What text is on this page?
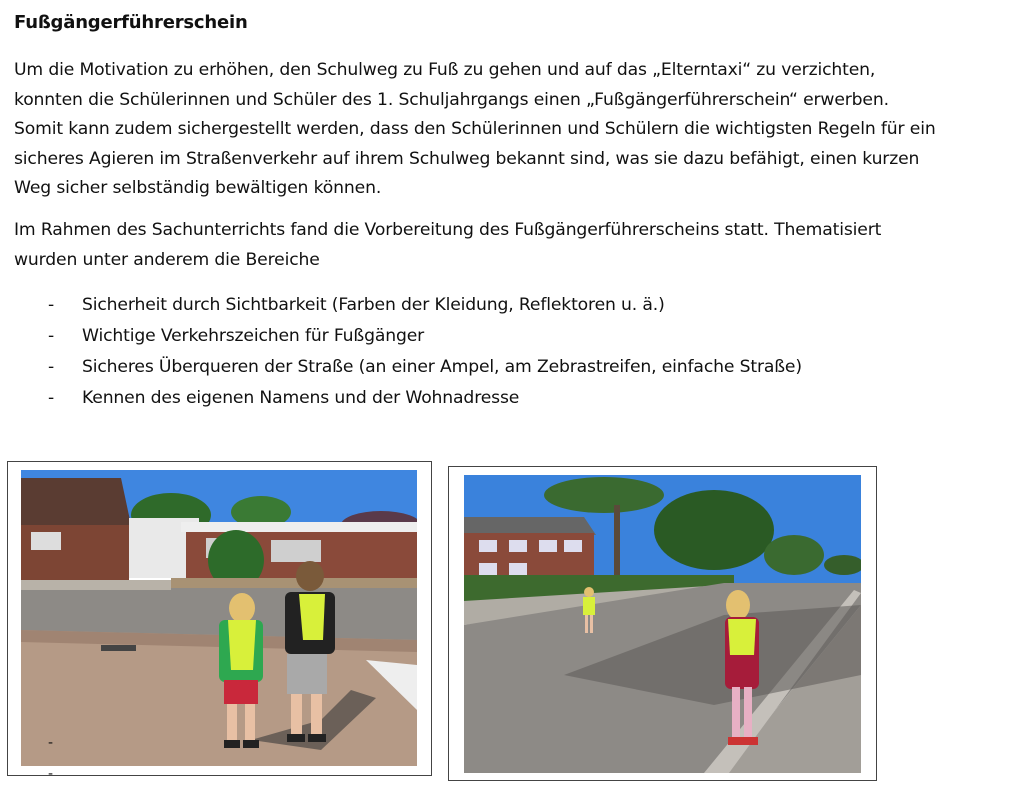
Fußgängerführerschein
Um die Motivation zu erhöhen, den Schulweg zu Fuß zu gehen und auf das „Elterntaxi“ zu verzichten,
konnten die Schülerinnen und Schüler des 1. Schuljahrgangs einen „Fußgängerführerschein“ erwerben.
Somit kann zudem sichergestellt werden, dass den Schülerinnen und Schülern die wichtigsten Regeln für ein
sicheres Agieren im Straßenverkehr auf ihrem Schulweg bekannt sind, was sie dazu befähigt, einen kurzen
Weg sicher selbständig bewältigen können.
Im Rahmen des Sachunterrichts fand die Vorbereitung des Fußgängerführerscheins statt. Thematisiert
wurden unter anderem die Bereiche
-	Sicherheit durch Sichtbarkeit (Farben der Kleidung, Reflektoren u. ä.)
-	Wichtige Verkehrszeichen für Fußgänger
-	Sicheres Überqueren der Straße (an einer Ampel, am Zebrastreifen, einfache Straße)
-	Kennen des eigenen Namens und der Wohnadresse
-
-
